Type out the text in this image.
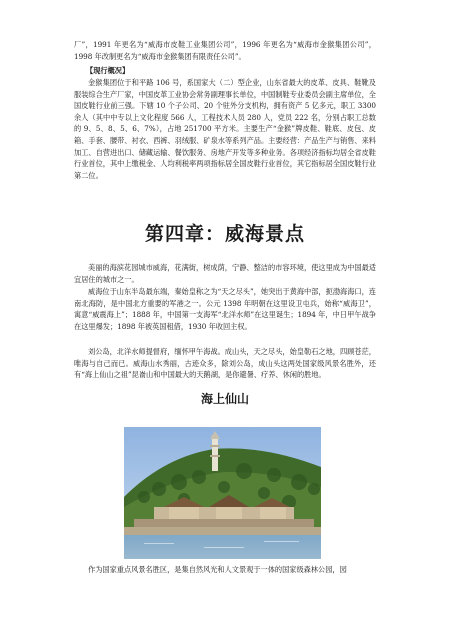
厂”，1991 年更名为“威海市皮鞋工业集团公司”，1996 年更名为“威海市金猴集团公司”，1998 年改制更名为“威海市金猴集团有限责任公司”。

【现行概况】

金猴集团位于和平路 106 号，系国家大（二）型企业，山东省最大的皮革、皮具、鞋靴及服装综合生产厂家，中国皮革工业协会常务副理事长单位，中国制鞋专业委员会副主席单位，全国皮鞋行业前三强。下辖 10 个子公司、20 个驻外分支机构，拥有资产 5 亿多元，职工 3300 余人（其中中专以上文化程度 566 人，工程技术人员 280 人，党员 222 名，分别占职工总数的 9、5、8、5、6、7%），占地 251700 平方米。主要生产“金猴”牌皮鞋、鞋底、皮包、皮箱、手套、腰带、衬衣、西裤、羽绒服、矿泉水等系列产品。主要经营：产品生产与销售、来料加工、自营进出口、储藏运输、餐饮服务、房地产开发等多种业务。各项经济指标均居全省皮鞋行业首位，其中上缴税金、人均利税率两项指标居全国皮鞋行业首位，其它指标居全国皮鞋行业第二位。

第四章：威海景点

美丽的海滨花园城市威海，花满街，树成荫，宁静、整洁的市容环境，使这里成为中国最适宜居住的城市之一。

威海位于山东半岛最东端，秦始皇称之为“天之尽头”，她突出于黄海中部，扼渤海海口，连南北海防，是中国北方重要的军港之一。公元 1398 年明朝在这里设卫屯兵，始称“威海卫”，寓意“威震海上”；1888 年，中国第一支海军“北洋水师”在这里诞生；1894 年，中日甲午战争在这里爆发；1898 年被英国租借，1930 年收回主权。

刘公岛，北洋水师提督府，缅怀甲午海战。成山头，天之尽头，始皇勒石之地，四顾苍茫，唯海与自己而已。威海山水秀丽，古迹众多，除刘公岛，成山头这两处国家级风景名胜外，还有“海上仙山之祖”昆嵛山和中国最大的天鹅湖，是你避暑、疗养、休闲的胜地。

海上仙山

作为国家重点风景名胜区，是集自然风光和人文景观于一体的国家级森林公园，园
